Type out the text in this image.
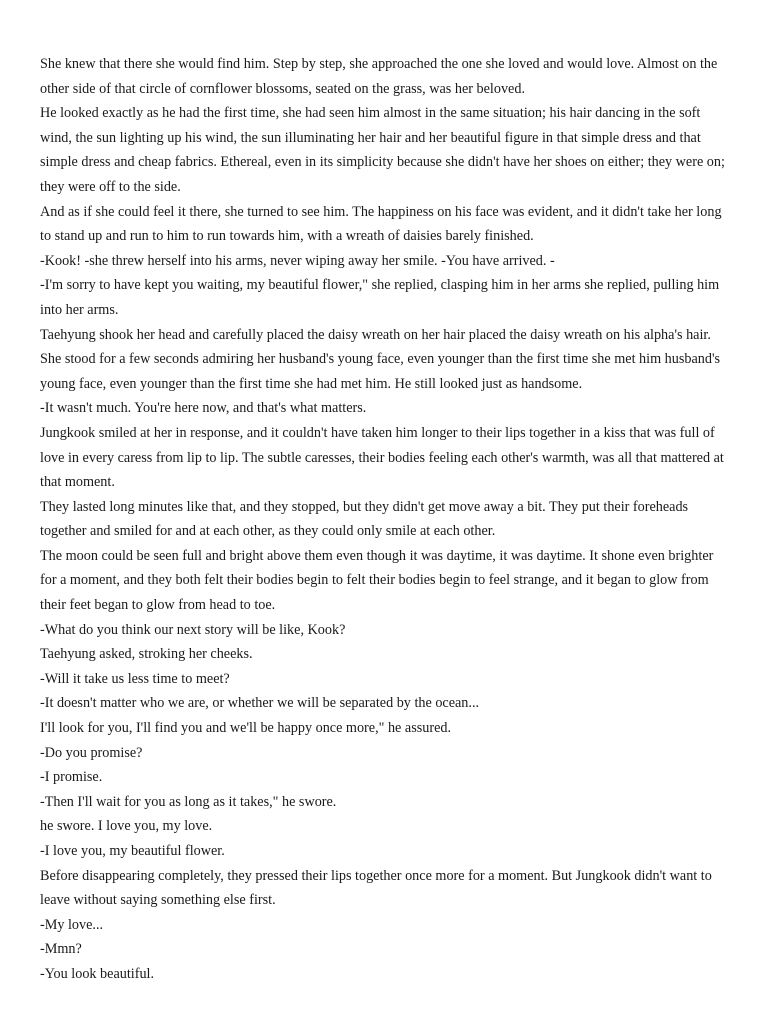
She knew that there she would find him. Step by step, she approached the one she loved and would love. Almost on the other side of that circle of cornflower blossoms, seated on the grass, was her beloved.

He looked exactly as he had the first time, she had seen him almost in the same situation; his hair dancing in the soft wind, the sun lighting up his wind, the sun illuminating her hair and her beautiful figure in that simple dress and that simple dress and cheap fabrics. Ethereal, even in its simplicity because she didn't have her shoes on either; they were on; they were off to the side.

And as if she could feel it there, she turned to see him. The happiness on his face was evident, and it didn't take her long to stand up and run to him to run towards him, with a wreath of daisies barely finished.

-Kook! -she threw herself into his arms, never wiping away her smile. -You have arrived. -

-I'm sorry to have kept you waiting, my beautiful flower," she replied, clasping him in her arms she replied, pulling him into her arms.

Taehyung shook her head and carefully placed the daisy wreath on her hair placed the daisy wreath on his alpha's hair. She stood for a few seconds admiring her husband's young face, even younger than the first time she met him husband's young face, even younger than the first time she had met him. He still looked just as handsome.

-It wasn't much. You're here now, and that's what matters.

Jungkook smiled at her in response, and it couldn't have taken him longer to their lips together in a kiss that was full of love in every caress from lip to lip. The subtle caresses, their bodies feeling each other's warmth, was all that mattered at that moment.

They lasted long minutes like that, and they stopped, but they didn't get move away a bit. They put their foreheads together and smiled for and at each other, as they could only smile at each other.

The moon could be seen full and bright above them even though it was daytime, it was daytime. It shone even brighter for a moment, and they both felt their bodies begin to felt their bodies begin to feel strange, and it began to glow from their feet began to glow from head to toe.

-What do you think our next story will be like, Kook?

Taehyung asked, stroking her cheeks.

-Will it take us less time to meet?

-It doesn't matter who we are, or whether we will be separated by the ocean...

I'll look for you, I'll find you and we'll be happy once more," he assured.

-Do you promise?

-I promise.

-Then I'll wait for you as long as it takes," he swore.

he swore. I love you, my love.

-I love you, my beautiful flower.

Before disappearing completely, they pressed their lips together once more for a moment. But Jungkook didn't want to leave without saying something else first.

-My love...

-Mmn?

-You look beautiful.
